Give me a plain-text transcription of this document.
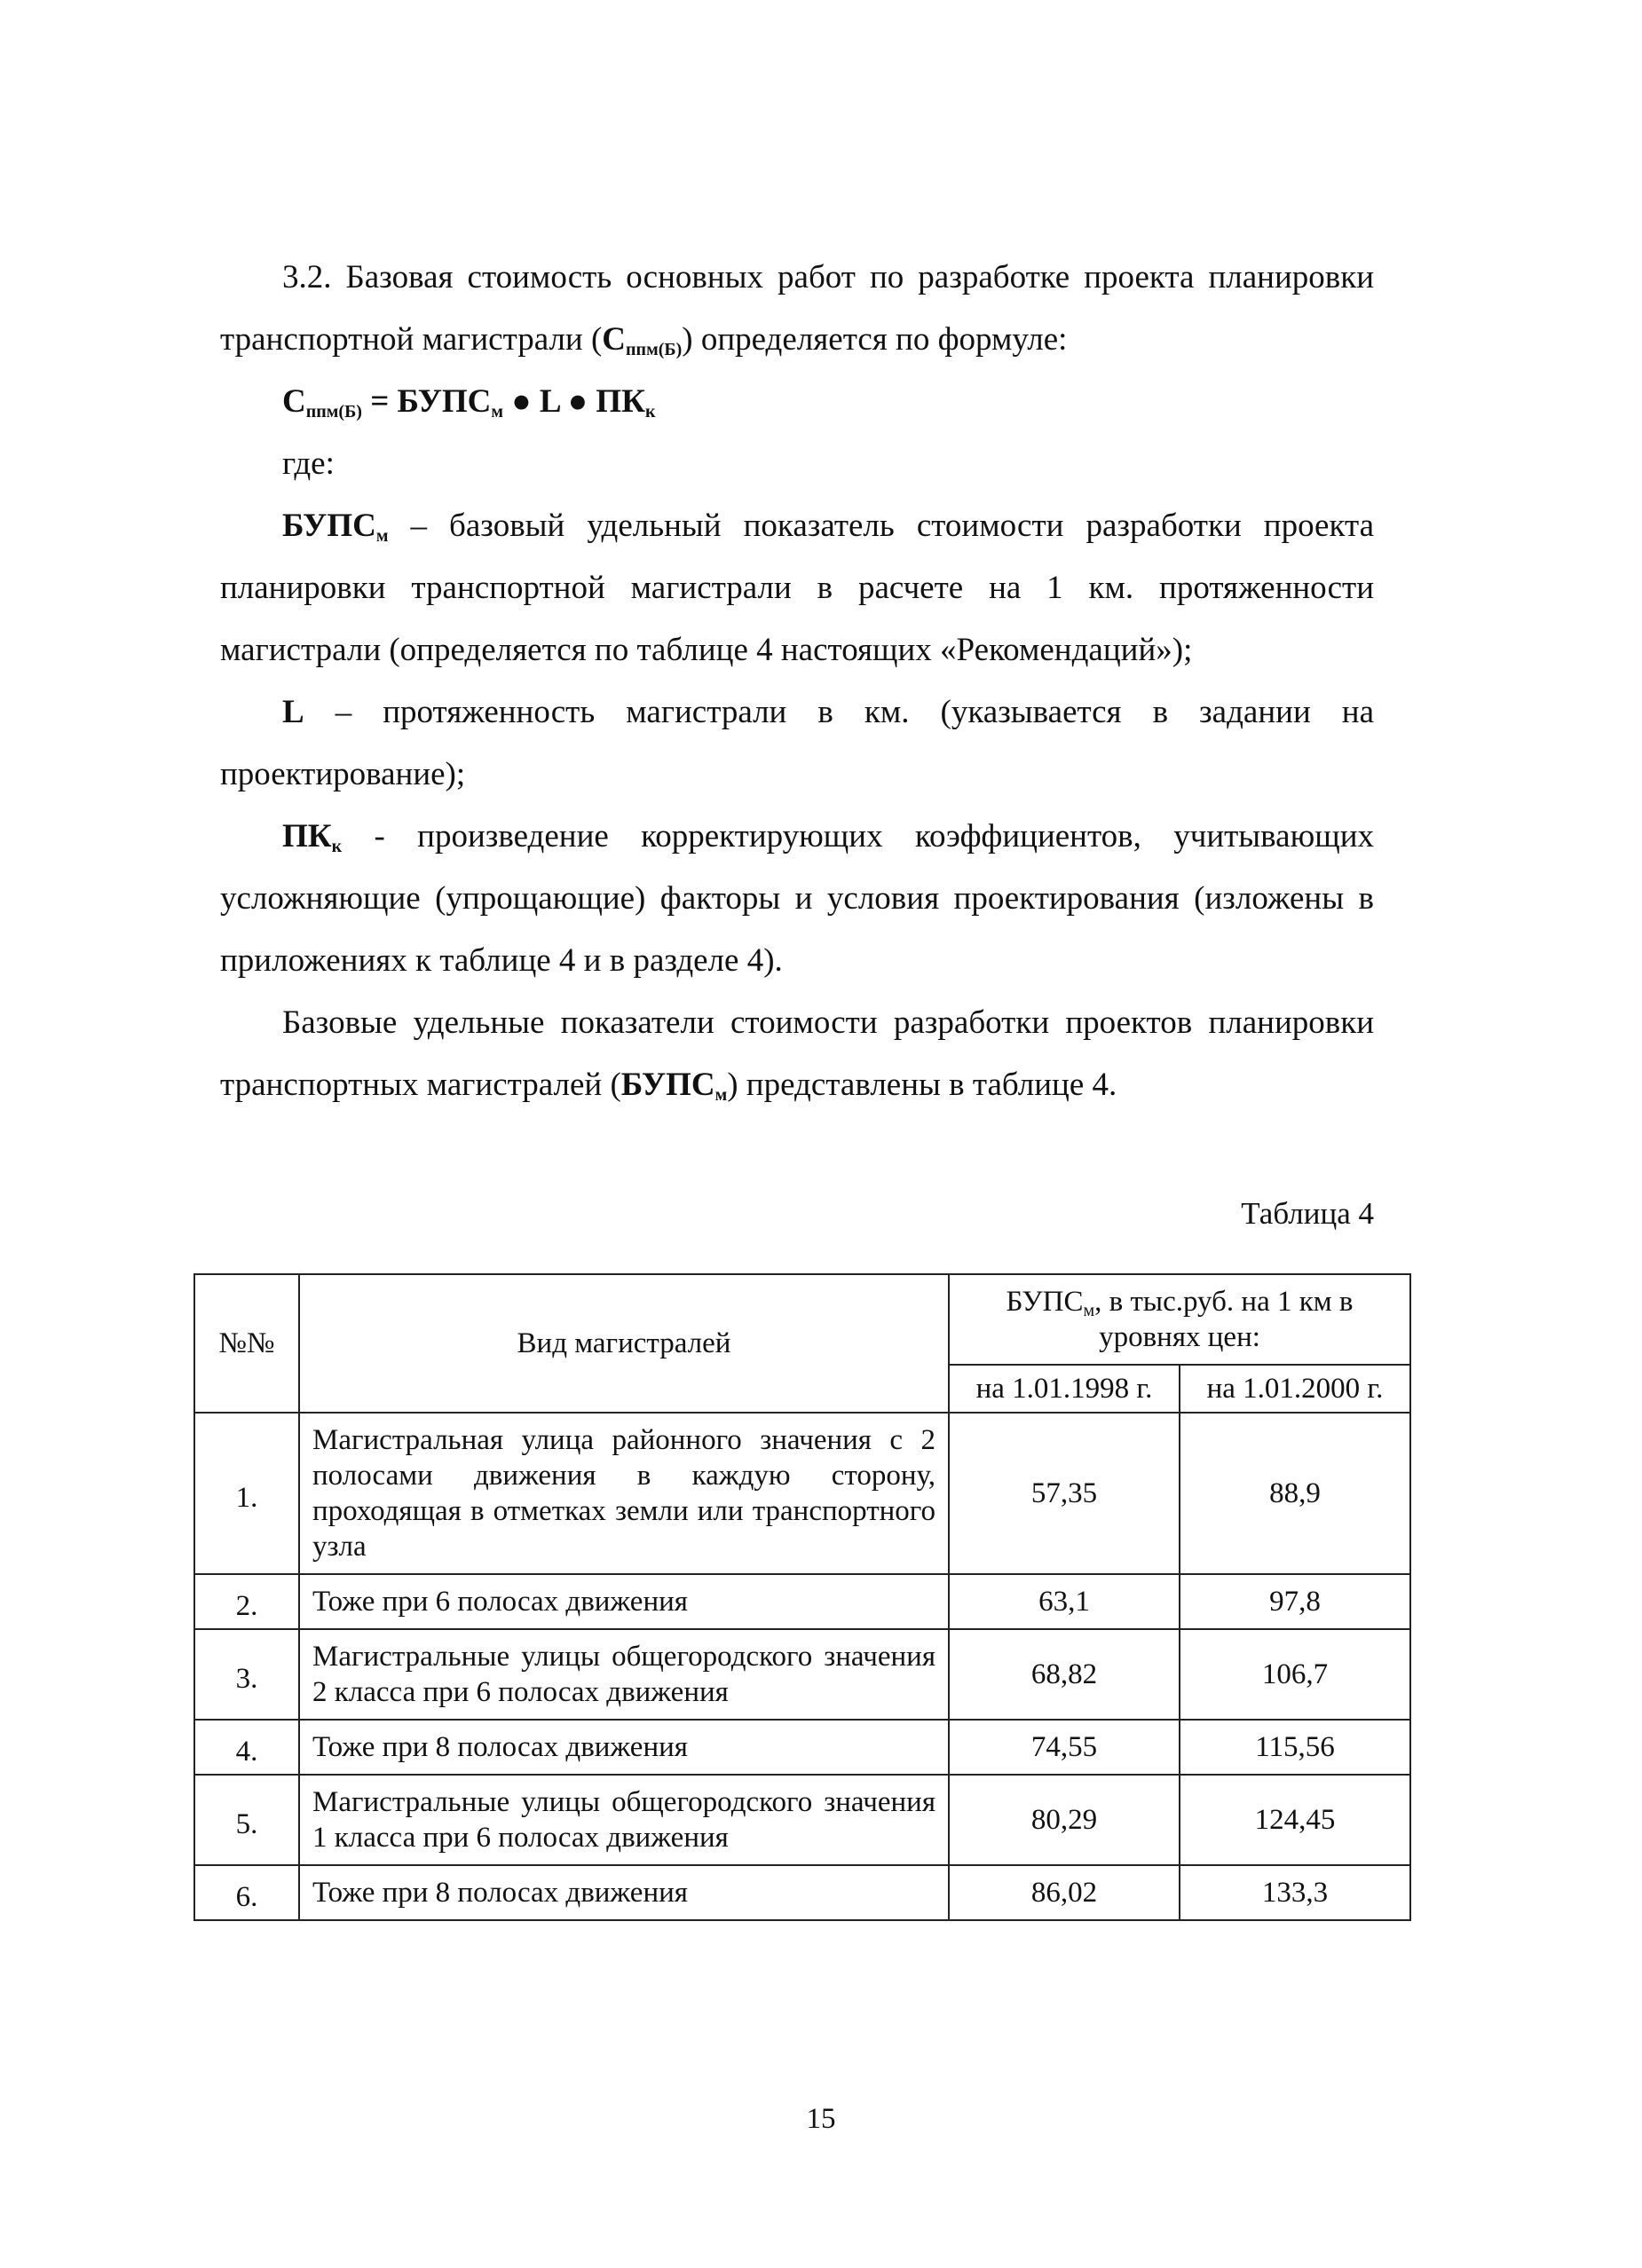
3.2. Базовая стоимость основных работ по разработке проекта планировки транспортной магистрали $(С_{ппм(Б)})$ определяется по формуле:

$С_{ппм(Б)}$ = $БУПС_м$ ● L ● $ПК_к$

где:

$БУПС_м$ – базовый удельный показатель стоимости разработки проекта планировки транспортной магистрали в расчете на 1 км. протяженности магистрали (определяется по таблице 4 настоящих «Рекомендаций»);

L – протяженность магистрали в км. (указывается в задании на проектирование);

$ПК_к$ - произведение корректирующих коэффициентов, учитывающих усложняющие (упрощающие) факторы и условия проектирования (изложены в приложениях к таблице 4 и в разделе 4).

Базовые удельные показатели стоимости разработки проектов планировки транспортных магистралей $(БУПС_м)$ представлены в таблице 4.

Таблица 4
№№	Вид магистралей	$БУПС_м$, в тыс.руб. на 1 км в уровнях цен:	
		на 1.01.1998 г.	на 1.01.2000 г.
1.	Магистральная улица районного значения с 2 полосами движения в каждую сторону, проходящая в отметках земли или транспортного узла	57,35	88,9
2.	Тоже при 6 полосах движения	63,1	97,8
3.	Магистральные улицы общегородского значения 2 класса при 6 полосах движения	68,82	106,7
4.	Тоже при 8 полосах движения	74,55	115,56
5.	Магистральные улицы общегородского значения 1 класса при 6 полосах движения	80,29	124,45
6.	Тоже при 8 полосах движения	86,02	133,3
15
